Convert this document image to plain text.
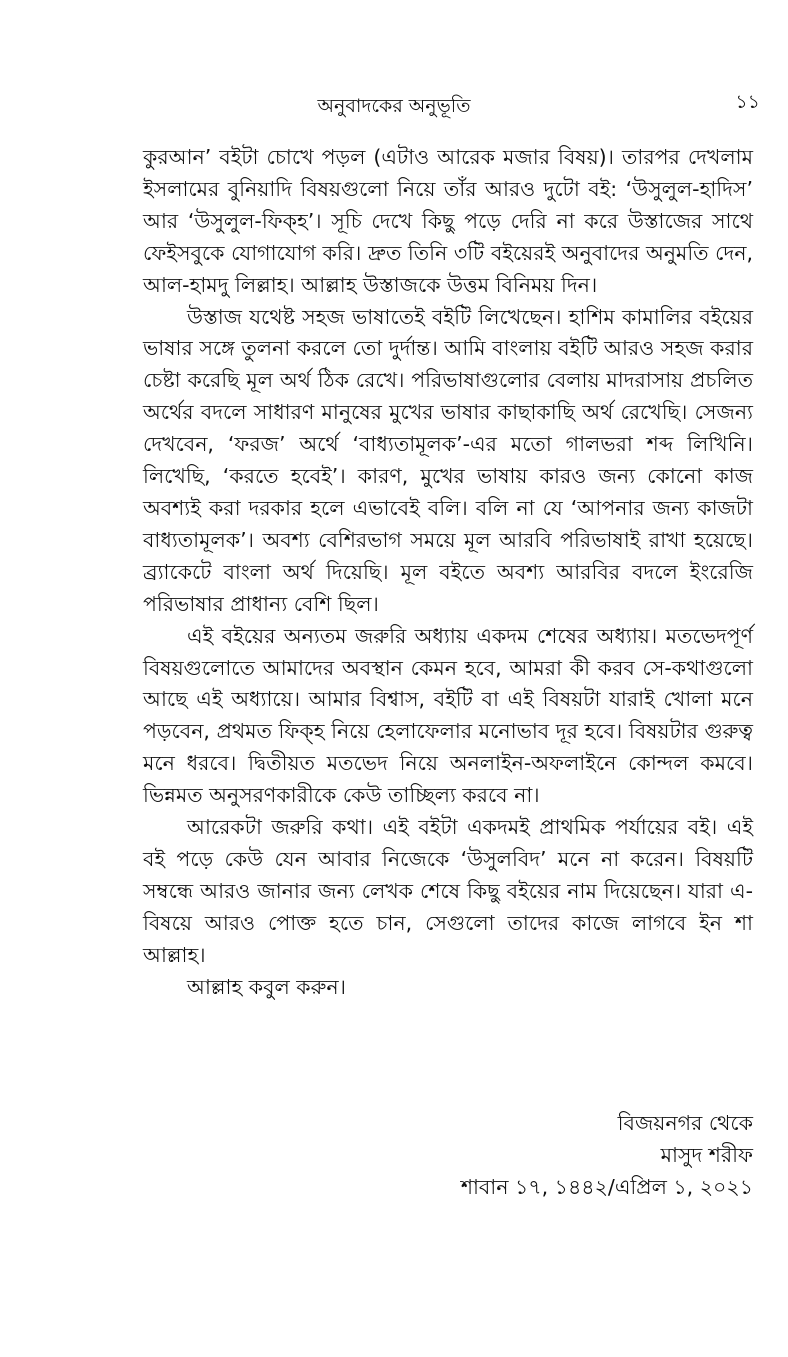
অনুবাদকের অনুভূতি	১১

কুরআন’ বইটা চোখে পড়ল (এটাও আরেক মজার বিষয়)। তারপর দেখলাম ইসলামের বুনিয়াদি বিষয়গুলো নিয়ে তাঁর আরও দুটো বই: ‘উসুলুল-হাদিস’ আর ‘উসুলুল-ফিক্‌হ’। সূচি দেখে কিছু পড়ে দেরি না করে উস্তাজের সাথে ফেইসবুকে যোগাযোগ করি। দ্রুত তিনি ৩টি বইয়েরই অনুবাদের অনুমতি দেন, আল-হামদু লিল্লাহ। আল্লাহ উস্তাজকে উত্তম বিনিময় দিন।

উস্তাজ যথেষ্ট সহজ ভাষাতেই বইটি লিখেছেন। হাশিম কামালির বইয়ের ভাষার সঙ্গে তুলনা করলে তো দুর্দান্ত। আমি বাংলায় বইটি আরও সহজ করার চেষ্টা করেছি মূল অর্থ ঠিক রেখে। পরিভাষাগুলোর বেলায় মাদরাসায় প্রচলিত অর্থের বদলে সাধারণ মানুষের মুখের ভাষার কাছাকাছি অর্থ রেখেছি। সেজন্য দেখবেন, ‘ফরজ’ অর্থে ‘বাধ্যতামূলক’-এর মতো গালভরা শব্দ লিখিনি। লিখেছি, ‘করতে হবেই’। কারণ, মুখের ভাষায় কারও জন্য কোনো কাজ অবশ্যই করা দরকার হলে এভাবেই বলি। বলি না যে ‘আপনার জন্য কাজটা বাধ্যতামূলক’। অবশ্য বেশিরভাগ সময়ে মূল আরবি পরিভাষাই রাখা হয়েছে। ব্র্যাকেটে বাংলা অর্থ দিয়েছি। মূল বইতে অবশ্য আরবির বদলে ইংরেজি পরিভাষার প্রাধান্য বেশি ছিল।

এই বইয়ের অন্যতম জরুরি অধ্যায় একদম শেষের অধ্যায়। মতভেদপূর্ণ বিষয়গুলোতে আমাদের অবস্থান কেমন হবে, আমরা কী করব সে-কথাগুলো আছে এই অধ্যায়ে। আমার বিশ্বাস, বইটি বা এই বিষয়টা যারাই খোলা মনে পড়বেন, প্রথমত ফিক্‌হ নিয়ে হেলাফেলার মনোভাব দূর হবে। বিষয়টার গুরুত্ব মনে ধরবে। দ্বিতীয়ত মতভেদ নিয়ে অনলাইন-অফলাইনে কোন্দল কমবে। ভিন্নমত অনুসরণকারীকে কেউ তাচ্ছিল্য করবে না।

আরেকটা জরুরি কথা। এই বইটা একদমই প্রাথমিক পর্যায়ের বই। এই বই পড়ে কেউ যেন আবার নিজেকে ‘উসুলবিদ’ মনে না করেন। বিষয়টি সম্বন্ধে আরও জানার জন্য লেখক শেষে কিছু বইয়ের নাম দিয়েছেন। যারা এ-বিষয়ে আরও পোক্ত হতে চান, সেগুলো তাদের কাজে লাগবে ইন শা আল্লাহ।

আল্লাহ কবুল করুন।

বিজয়নগর থেকে
মাসুদ শরীফ
শাবান ১৭, ১৪৪২/এপ্রিল ১, ২০২১
